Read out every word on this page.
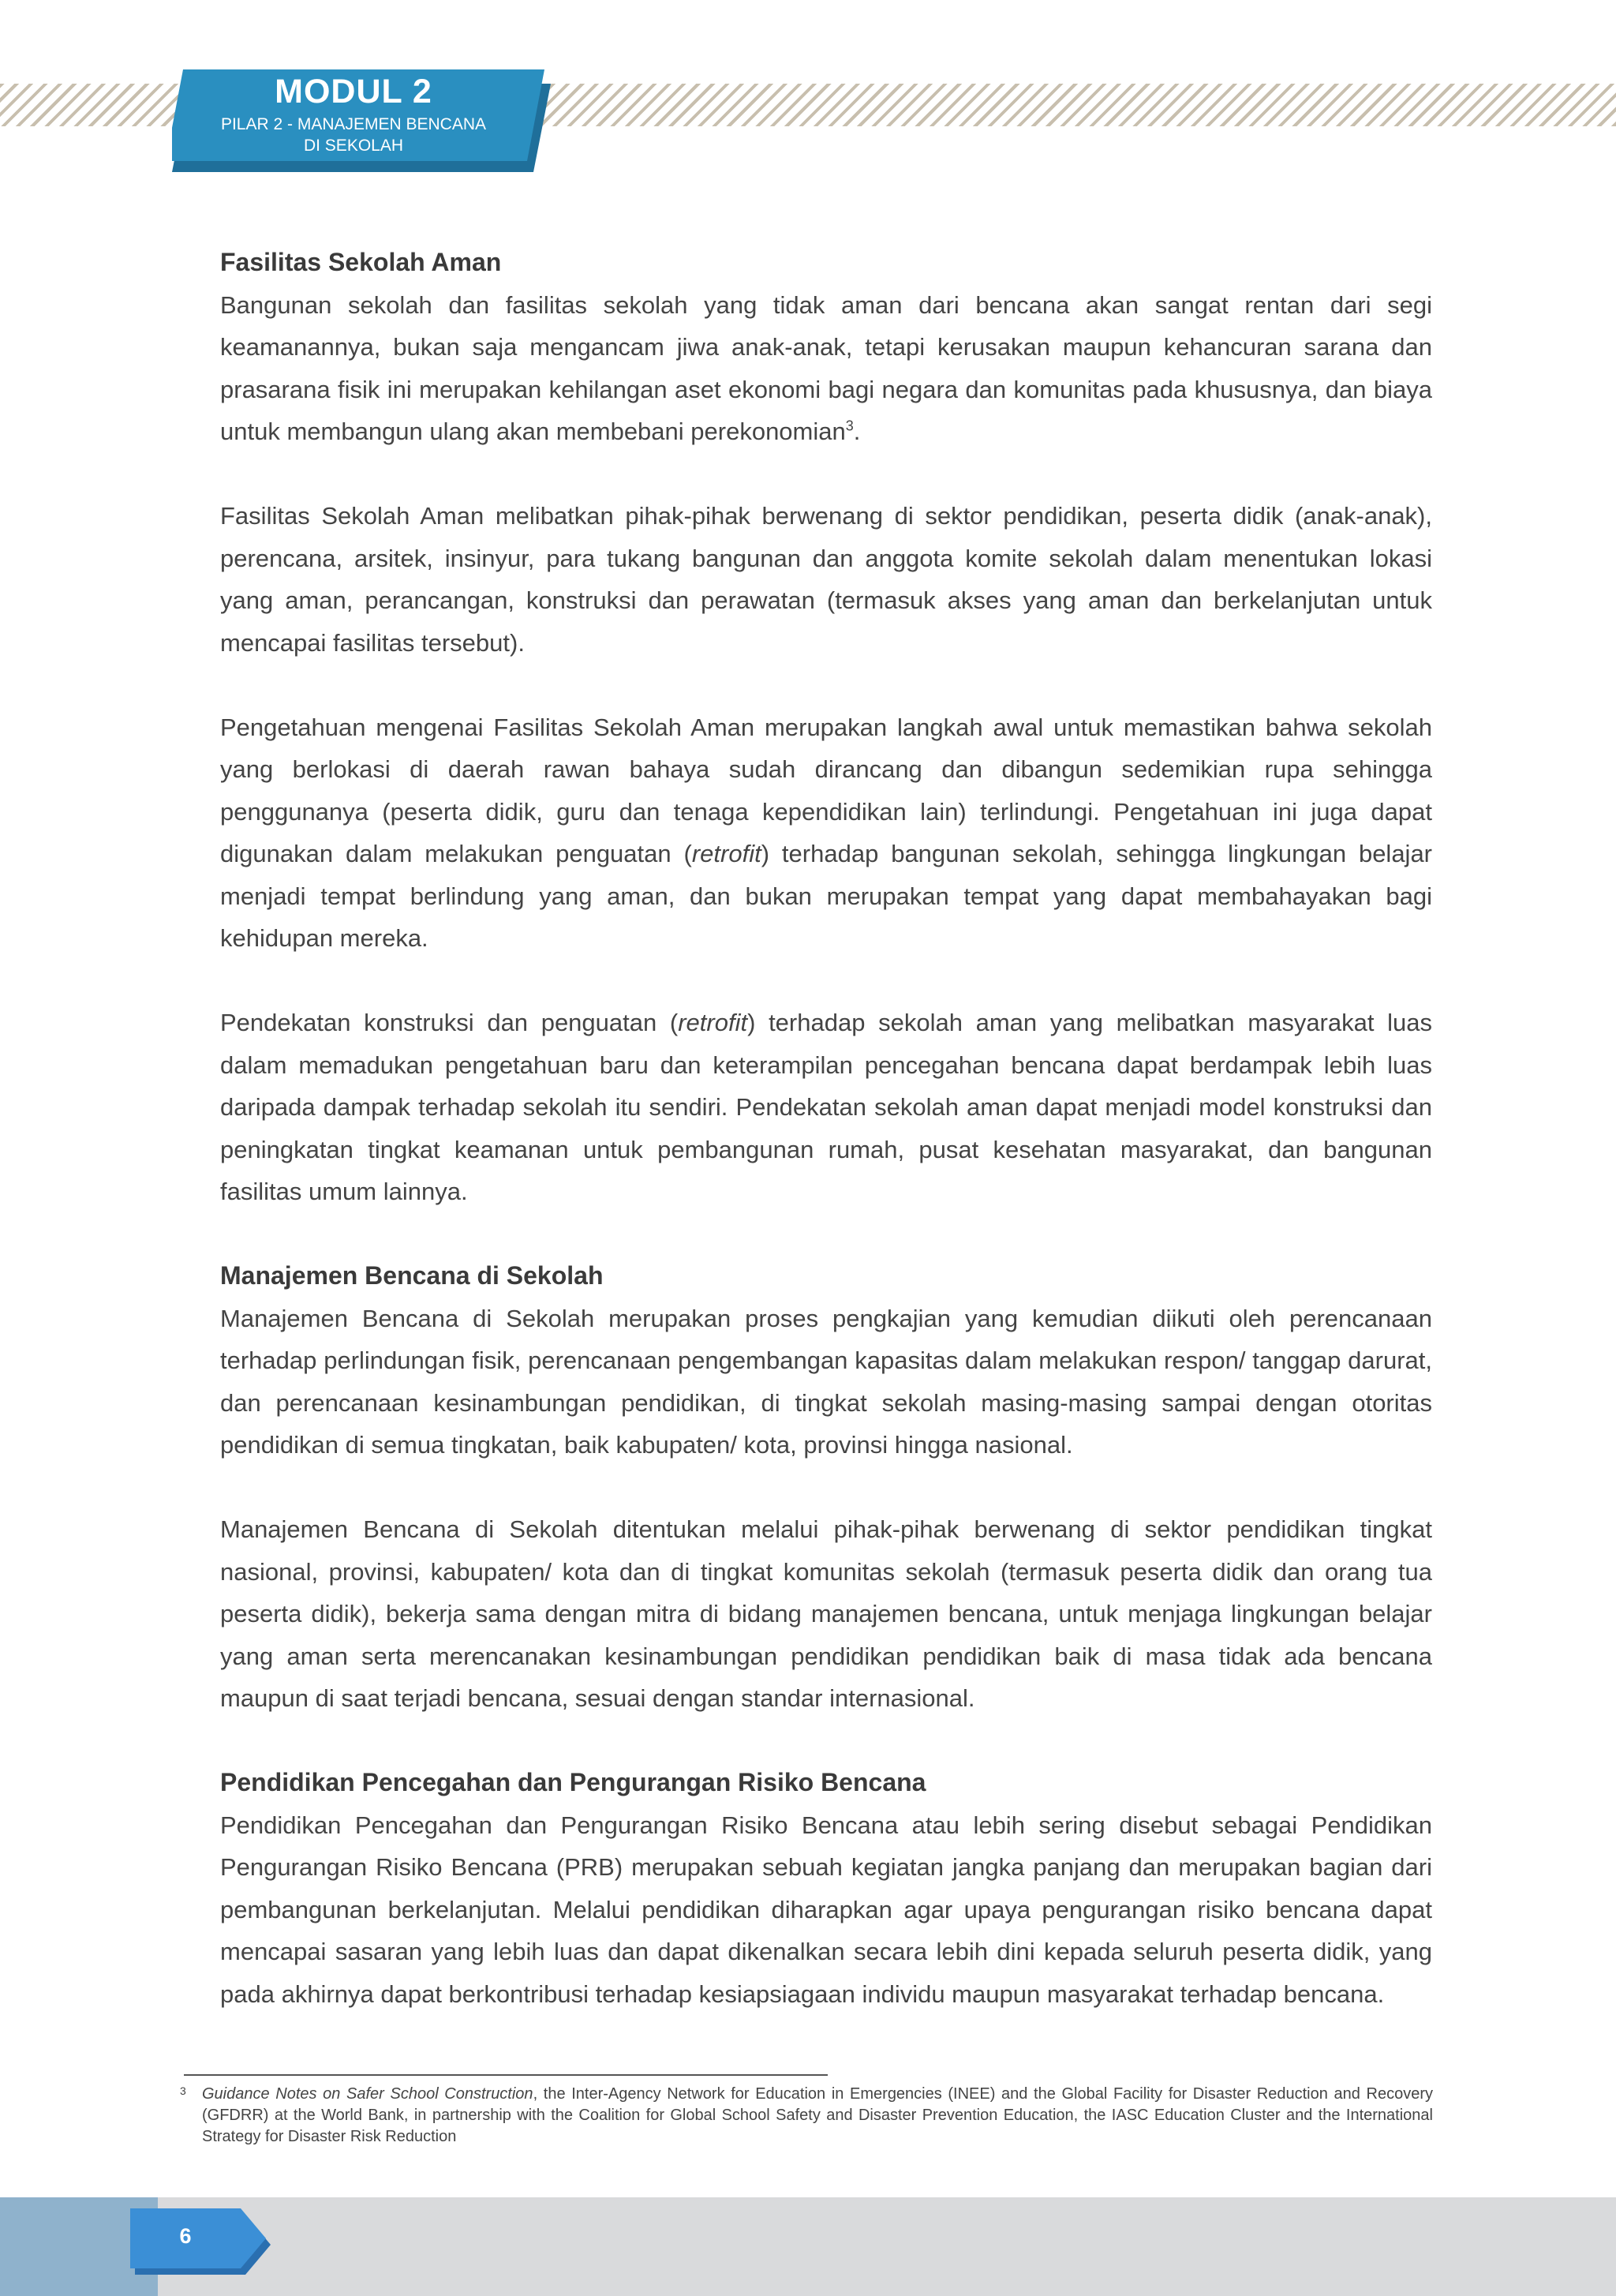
MODUL 2
PILAR 2 - MANAJEMEN BENCANA
DI SEKOLAH

Fasilitas Sekolah Aman

Bangunan sekolah dan fasilitas sekolah yang tidak aman dari bencana akan sangat rentan dari segi keamanannya, bukan saja mengancam jiwa anak-anak, tetapi kerusakan maupun kehancuran sarana dan prasarana fisik ini merupakan kehilangan aset ekonomi bagi negara dan komunitas pada khususnya, dan biaya untuk membangun ulang akan membebani perekonomian$^3$.

Fasilitas Sekolah Aman melibatkan pihak-pihak berwenang di sektor pendidikan, peserta didik (anak-anak), perencana, arsitek, insinyur, para tukang bangunan dan anggota komite sekolah dalam menentukan lokasi yang aman, perancangan, konstruksi dan perawatan (termasuk akses yang aman dan berkelanjutan untuk mencapai fasilitas tersebut).

Pengetahuan mengenai Fasilitas Sekolah Aman merupakan langkah awal untuk memastikan bahwa sekolah yang berlokasi di daerah rawan bahaya sudah dirancang dan dibangun sedemikian rupa sehingga penggunanya (peserta didik, guru dan tenaga kependidikan lain) terlindungi. Pengetahuan ini juga dapat digunakan dalam melakukan penguatan (retrofit) terhadap bangunan sekolah, sehingga lingkungan belajar menjadi tempat berlindung yang aman, dan bukan merupakan tempat yang dapat membahayakan bagi kehidupan mereka.

Pendekatan konstruksi dan penguatan (retrofit) terhadap sekolah aman yang melibatkan masyarakat luas dalam memadukan pengetahuan baru dan keterampilan pencegahan bencana dapat berdampak lebih luas daripada dampak terhadap sekolah itu sendiri. Pendekatan sekolah aman dapat menjadi model konstruksi dan peningkatan tingkat keamanan untuk pembangunan rumah, pusat kesehatan masyarakat, dan bangunan fasilitas umum lainnya.

Manajemen Bencana di Sekolah

Manajemen Bencana di Sekolah merupakan proses pengkajian yang kemudian diikuti oleh perencanaan terhadap perlindungan fisik, perencanaan pengembangan kapasitas dalam melakukan respon/ tanggap darurat, dan perencanaan kesinambungan pendidikan, di tingkat sekolah masing-masing sampai dengan otoritas pendidikan di semua tingkatan, baik kabupaten/ kota, provinsi hingga nasional.

Manajemen Bencana di Sekolah ditentukan melalui pihak-pihak berwenang di sektor pendidikan tingkat nasional, provinsi, kabupaten/ kota dan di tingkat komunitas sekolah (termasuk peserta didik dan orang tua peserta didik), bekerja sama dengan mitra di bidang manajemen bencana, untuk menjaga lingkungan belajar yang aman serta merencanakan kesinambungan pendidikan pendidikan baik di masa tidak ada bencana maupun di saat terjadi bencana, sesuai dengan standar internasional.

Pendidikan Pencegahan dan Pengurangan Risiko Bencana

Pendidikan Pencegahan dan Pengurangan Risiko Bencana atau lebih sering disebut sebagai Pendidikan Pengurangan Risiko Bencana (PRB) merupakan sebuah kegiatan jangka panjang dan merupakan bagian dari pembangunan berkelanjutan. Melalui pendidikan diharapkan agar upaya pengurangan risiko bencana dapat mencapai sasaran yang lebih luas dan dapat dikenalkan secara lebih dini kepada seluruh peserta didik, yang pada akhirnya dapat berkontribusi terhadap kesiapsiagaan individu maupun masyarakat terhadap bencana.

3 Guidance Notes on Safer School Construction, the Inter-Agency Network for Education in Emergencies (INEE) and the Global Facility for Disaster Reduction and Recovery (GFDRR) at the World Bank, in partnership with the Coalition for Global School Safety and Disaster Prevention Education, the IASC Education Cluster and the International Strategy for Disaster Risk Reduction
6
